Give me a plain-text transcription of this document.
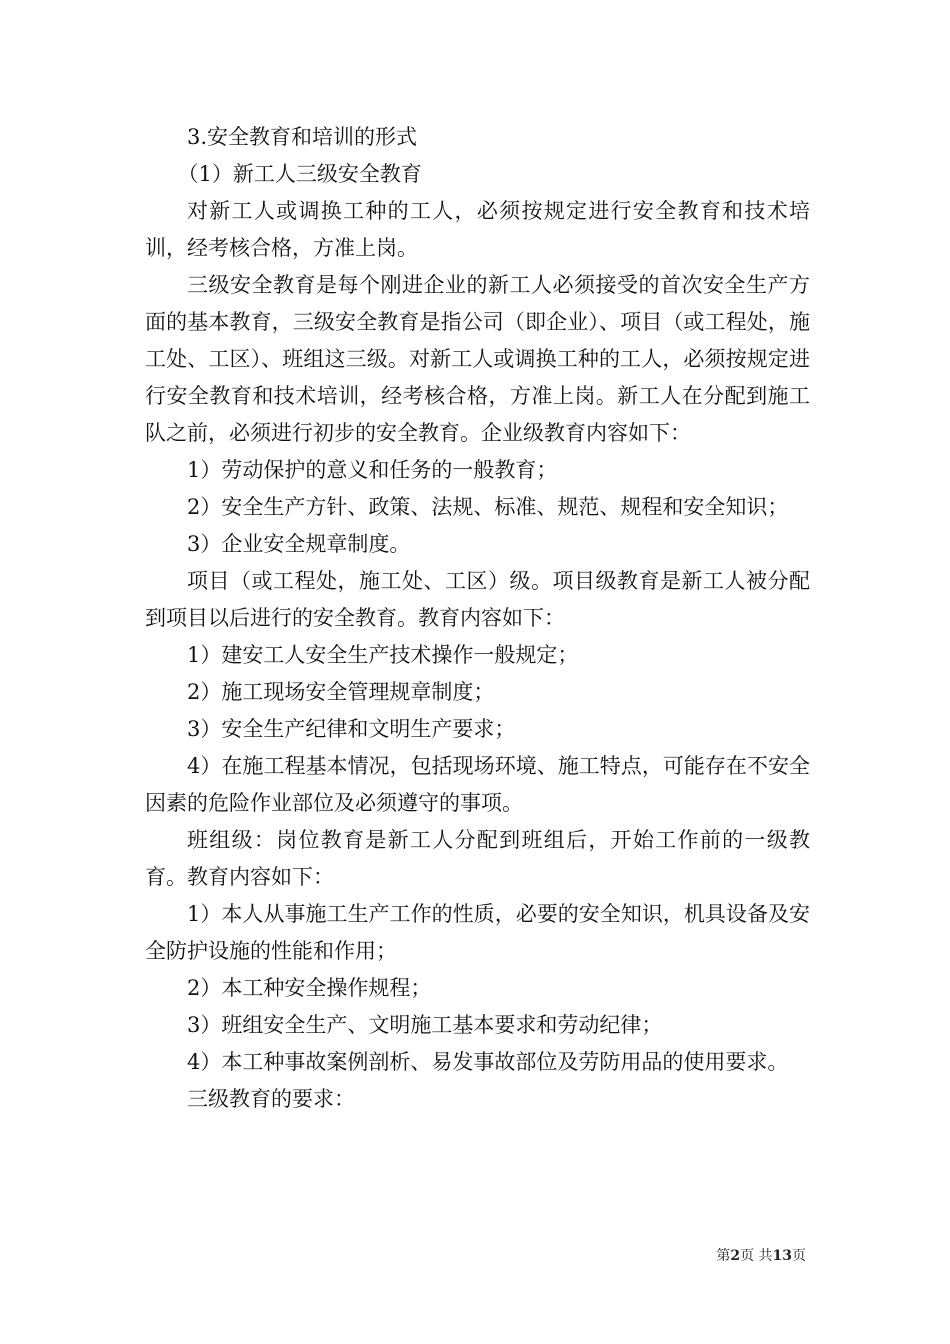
3.安全教育和培训的形式

（1）新工人三级安全教育

对新工人或调换工种的工人，必须按规定进行安全教育和技术培训，经考核合格，方准上岗。

三级安全教育是每个刚进企业的新工人必须接受的首次安全生产方面的基本教育，三级安全教育是指公司（即企业）、项目（或工程处，施工处、工区）、班组这三级。对新工人或调换工种的工人，必须按规定进行安全教育和技术培训，经考核合格，方准上岗。新工人在分配到施工队之前，必须进行初步的安全教育。企业级教育内容如下：

1）劳动保护的意义和任务的一般教育；

2）安全生产方针、政策、法规、标准、规范、规程和安全知识；

3）企业安全规章制度。

项目（或工程处，施工处、工区）级。项目级教育是新工人被分配到项目以后进行的安全教育。教育内容如下：

1）建安工人安全生产技术操作一般规定；

2）施工现场安全管理规章制度；

3）安全生产纪律和文明生产要求；

4）在施工程基本情况，包括现场环境、施工特点，可能存在不安全因素的危险作业部位及必须遵守的事项。

班组级：岗位教育是新工人分配到班组后，开始工作前的一级教育。教育内容如下：

1）本人从事施工生产工作的性质，必要的安全知识，机具设备及安全防护设施的性能和作用；

2）本工种安全操作规程；

3）班组安全生产、文明施工基本要求和劳动纪律；

4）本工种事故案例剖析、易发事故部位及劳防用品的使用要求。

三级教育的要求：

第2页 共13页
